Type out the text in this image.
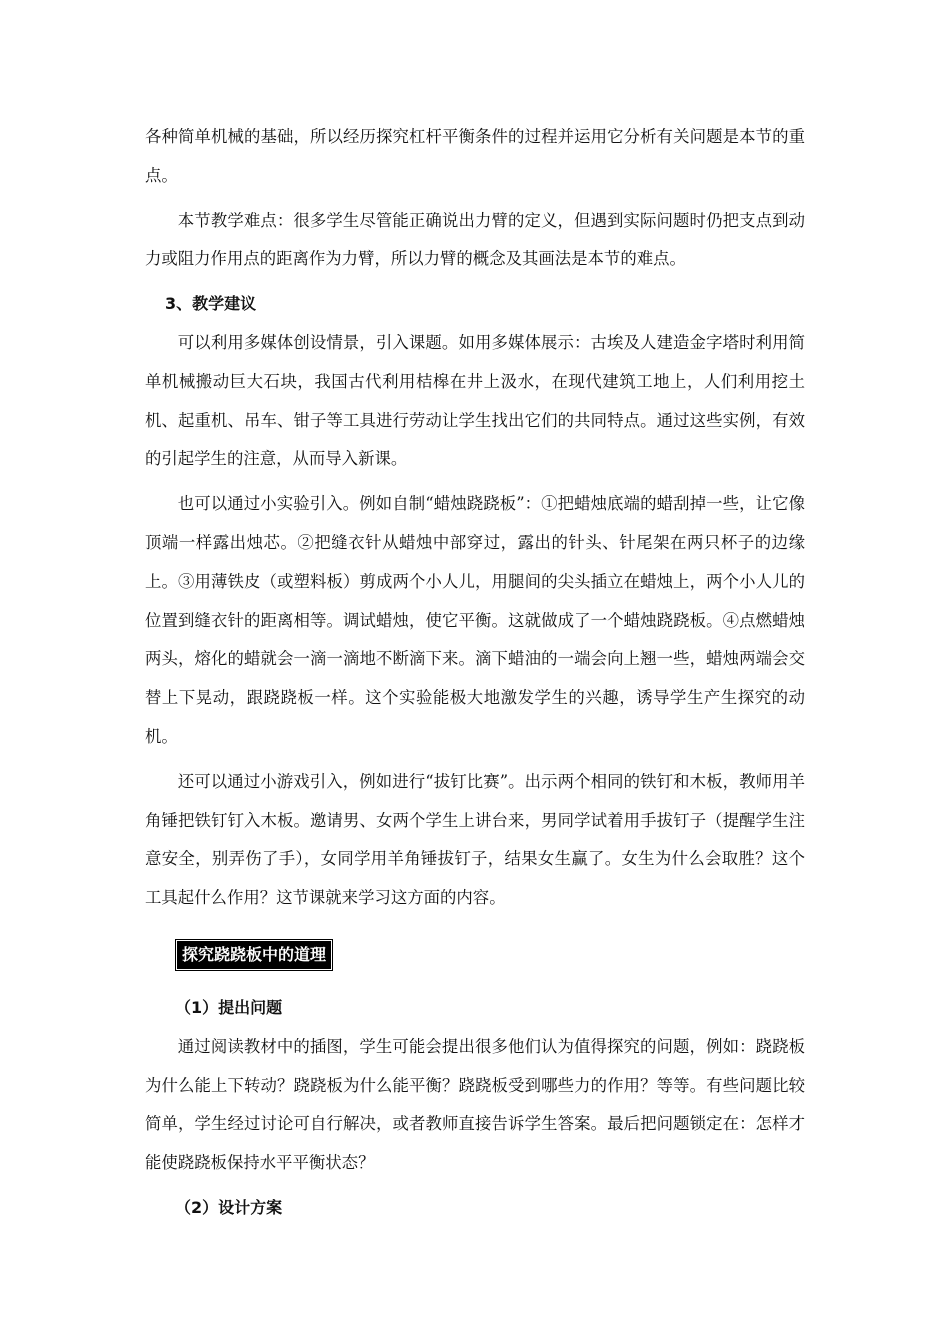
各种简单机械的基础，所以经历探究杠杆平衡条件的过程并运用它分析有关问题是本节的重点。

本节教学难点：很多学生尽管能正确说出力臂的定义，但遇到实际问题时仍把支点到动力或阻力作用点的距离作为力臂，所以力臂的概念及其画法是本节的难点。

3、教学建议

可以利用多媒体创设情景，引入课题。如用多媒体展示：古埃及人建造金字塔时利用简单机械搬动巨大石块，我国古代利用桔槔在井上汲水，在现代建筑工地上，人们利用挖土机、起重机、吊车、钳子等工具进行劳动让学生找出它们的共同特点。通过这些实例，有效的引起学生的注意，从而导入新课。

也可以通过小实验引入。例如自制“蜡烛跷跷板”：①把蜡烛底端的蜡刮掉一些，让它像顶端一样露出烛芯。②把缝衣针从蜡烛中部穿过，露出的针头、针尾架在两只杯子的边缘上。③用薄铁皮（或塑料板）剪成两个小人儿，用腿间的尖头插立在蜡烛上，两个小人儿的位置到缝衣针的距离相等。调试蜡烛，使它平衡。这就做成了一个蜡烛跷跷板。④点燃蜡烛两头，熔化的蜡就会一滴一滴地不断滴下来。滴下蜡油的一端会向上翘一些，蜡烛两端会交替上下晃动，跟跷跷板一样。这个实验能极大地激发学生的兴趣，诱导学生产生探究的动机。

还可以通过小游戏引入，例如进行“拔钉比赛”。出示两个相同的铁钉和木板，教师用羊角锤把铁钉钉入木板。邀请男、女两个学生上讲台来，男同学试着用手拔钉子（提醒学生注意安全，别弄伤了手），女同学用羊角锤拔钉子，结果女生赢了。女生为什么会取胜？这个工具起什么作用？这节课就来学习这方面的内容。

探究跷跷板中的道理
（1）提出问题

通过阅读教材中的插图，学生可能会提出很多他们认为值得探究的问题，例如：跷跷板为什么能上下转动？跷跷板为什么能平衡？跷跷板受到哪些力的作用？等等。有些问题比较简单，学生经过讨论可自行解决，或者教师直接告诉学生答案。最后把问题锁定在：怎样才能使跷跷板保持水平平衡状态？

（2）设计方案
